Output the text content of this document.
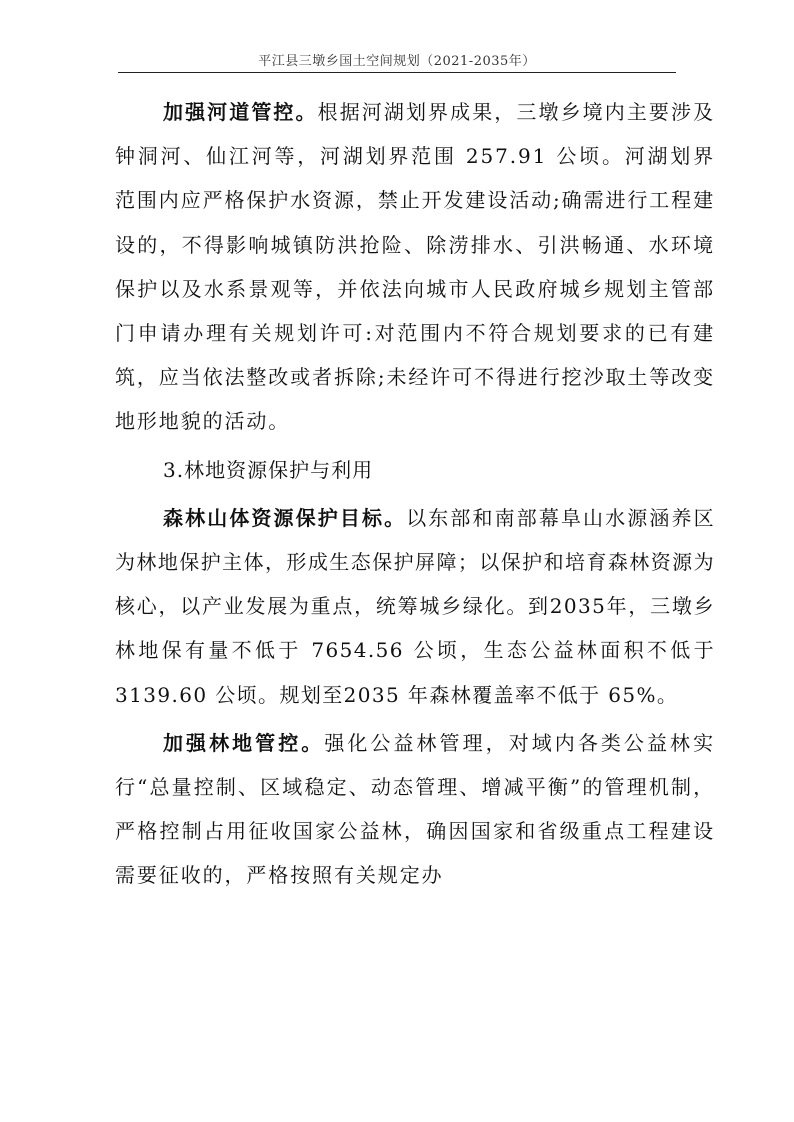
平江县三墩乡国土空间规划（2021-2035年）

加强河道管控。根据河湖划界成果，三墩乡境内主要涉及钟洞河、仙江河等，河湖划界范围 257.91 公顷。河湖划界范围内应严格保护水资源，禁止开发建设活动;确需进行工程建设的，不得影响城镇防洪抢险、除涝排水、引洪畅通、水环境保护以及水系景观等，并依法向城市人民政府城乡规划主管部门申请办理有关规划许可:对范围内不符合规划要求的已有建筑，应当依法整改或者拆除;未经许可不得进行挖沙取土等改变地形地貌的活动。

3.林地资源保护与利用

森林山体资源保护目标。以东部和南部幕阜山水源涵养区为林地保护主体，形成生态保护屏障；以保护和培育森林资源为核心，以产业发展为重点，统筹城乡绿化。到2035年，三墩乡林地保有量不低于 7654.56 公顷，生态公益林面积不低于 3139.60 公顷。规划至2035 年森林覆盖率不低于 65%。

加强林地管控。强化公益林管理，对域内各类公益林实行“总量控制、区域稳定、动态管理、增减平衡”的管理机制，严格控制占用征收国家公益林，确因国家和省级重点工程建设需要征收的，严格按照有关规定办
